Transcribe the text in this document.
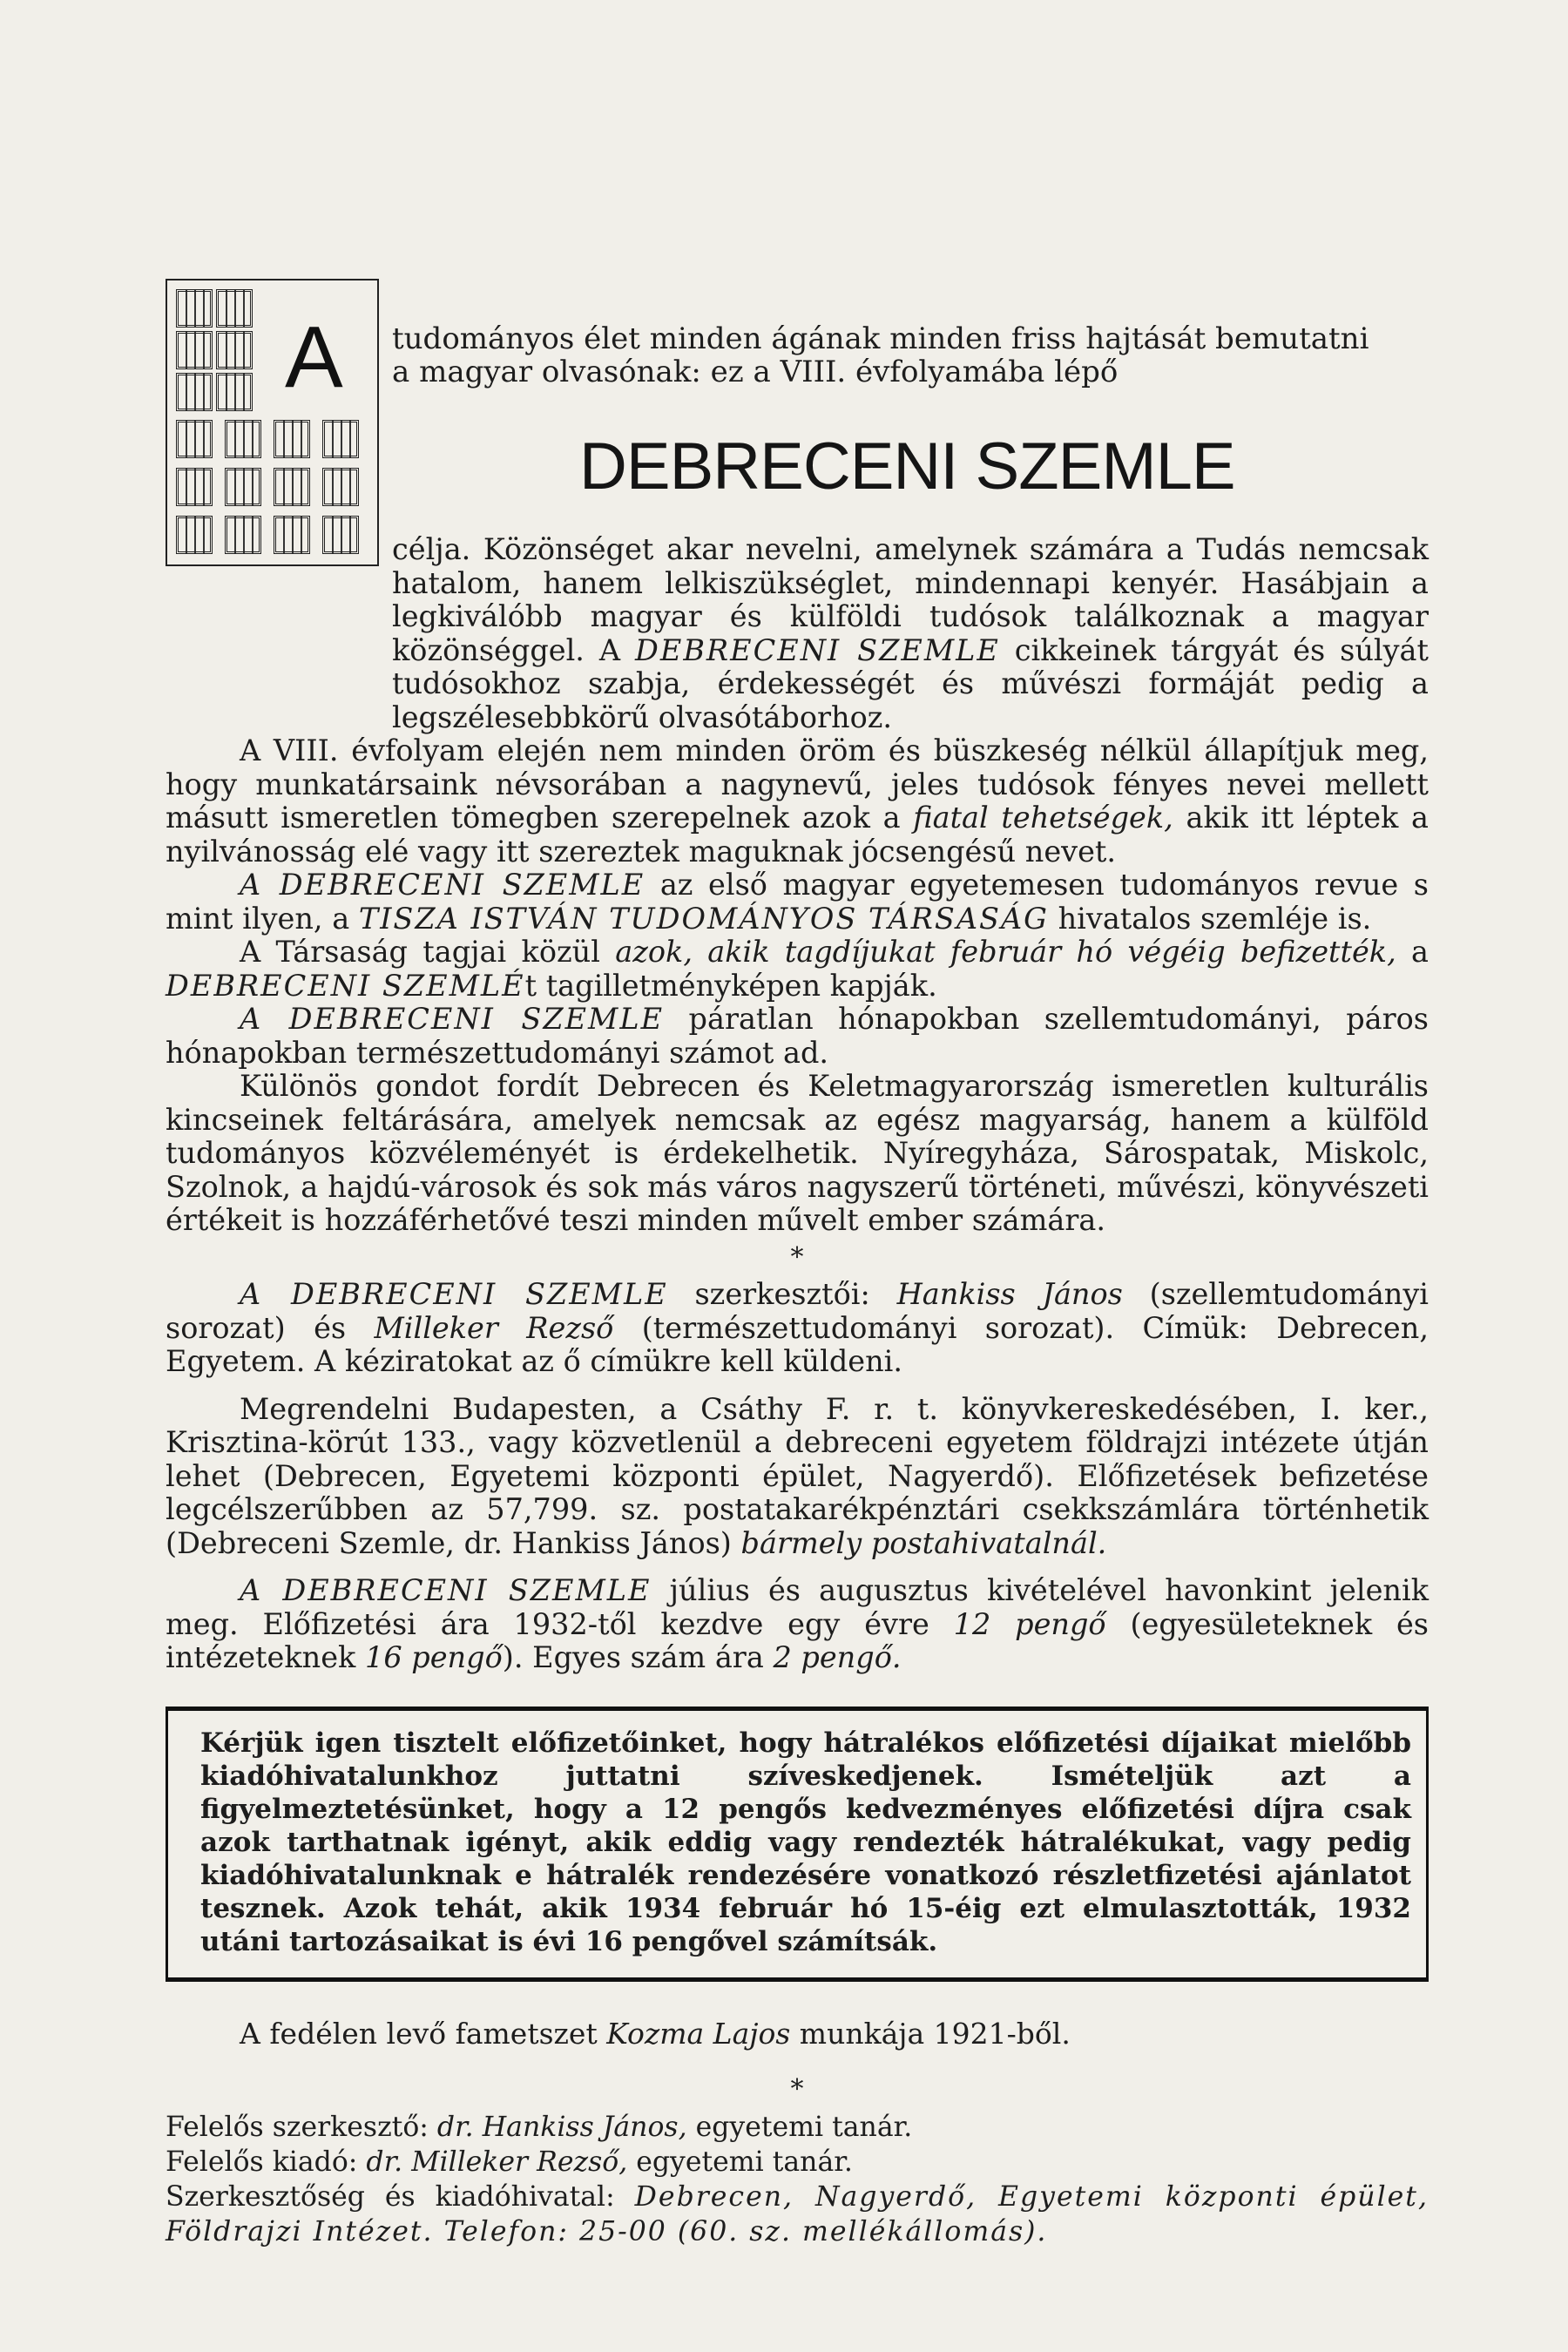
A tudományos élet minden ágának minden friss hajtását bemutatni
a magyar olvasónak: ez a VIII. évfolyamába lépő
DEBRECENI SZEMLE

célja. Közönséget akar nevelni, amelynek számára a Tudás nemcsak hatalom, hanem lelkiszükséglet, mindennapi kenyér. Hasábjain a legkiválóbb magyar és külföldi tudósok találkoznak a magyar közönséggel. A DEBRECENI SZEMLE cikkeinek tárgyát és súlyát tudósokhoz szabja, érdekességét és művészi formáját pedig a legszélesebbkörű olvasótáborhoz.

A VIII. évfolyam elején nem minden öröm és büszkeség nélkül állapítjuk meg, hogy munkatársaink névsorában a nagynevű, jeles tudósok fényes nevei mellett másutt ismeretlen tömegben szerepelnek azok a fiatal tehetségek, akik itt léptek a nyilvánosság elé vagy itt szereztek maguknak jócsengésű nevet.

A DEBRECENI SZEMLE az első magyar egyetemesen tudományos revue s mint ilyen, a TISZA ISTVÁN TUDOMÁNYOS TÁRSASÁG hivatalos szemléje is.

A Társaság tagjai közül azok, akik tagdíjukat február hó végéig befizették, a DEBRECENI SZEMLÉt tagilletményképen kapják.

A DEBRECENI SZEMLE páratlan hónapokban szellemtudományi, páros hónapokban természettudományi számot ad.

Különös gondot fordít Debrecen és Keletmagyarország ismeretlen kulturális kincseinek feltárására, amelyek nemcsak az egész magyarság, hanem a külföld tudományos közvéleményét is érdekelhetik. Nyíregyháza, Sárospatak, Miskolc, Szolnok, a hajdú-városok és sok más város nagyszerű történeti, művészi, könyvészeti értékeit is hozzáférhetővé teszi minden művelt ember számára.

*

A DEBRECENI SZEMLE szerkesztői: Hankiss János (szellemtudományi sorozat) és Milleker Rezső (természettudományi sorozat). Címük: Debrecen, Egyetem. A kéziratokat az ő címükre kell küldeni.

Megrendelni Budapesten, a Csáthy F. r. t. könyvkereskedésében, I. ker., Krisztina-körút 133., vagy közvetlenül a debreceni egyetem földrajzi intézete útján lehet (Debrecen, Egyetemi központi épület, Nagyerdő). Előfizetések befizetése legcélszerűbben az 57,799. sz. postatakarékpénztári csekkszámlára történhetik (Debreceni Szemle, dr. Hankiss János) bármely postahivatalnál.

A DEBRECENI SZEMLE július és augusztus kivételével havonkint jelenik meg. Előfizetési ára 1932-től kezdve egy évre 12 pengő (egyesületeknek és intézeteknek 16 pengő). Egyes szám ára 2 pengő.

Kérjük igen tisztelt előfizetőinket, hogy hátralékos előfizetési díjaikat mielőbb kiadóhivatalunkhoz juttatni szíveskedjenek. Ismételjük azt a figyelmeztetésünket, hogy a 12 pengős kedvezményes előfizetési díjra csak azok tarthatnak igényt, akik eddig vagy rendezték hátralékukat, vagy pedig kiadóhivatalunknak e hátralék rendezésére vonatkozó részletfizetési ajánlatot tesznek. Azok tehát, akik 1934 február hó 15-éig ezt elmulasztották, 1932 utáni tartozásaikat is évi 16 pengővel számítsák.

A fedélen levő fametszet Kozma Lajos munkája 1921-ből.

*
Felelős szerkesztő: dr. Hankiss János, egyetemi tanár.
Felelős kiadó: dr. Milleker Rezső, egyetemi tanár.
Szerkesztőség és kiadóhivatal: Debrecen, Nagyerdő, Egyetemi központi épület, Földrajzi Intézet. Telefon: 25-00 (60. sz. mellékállomás).
